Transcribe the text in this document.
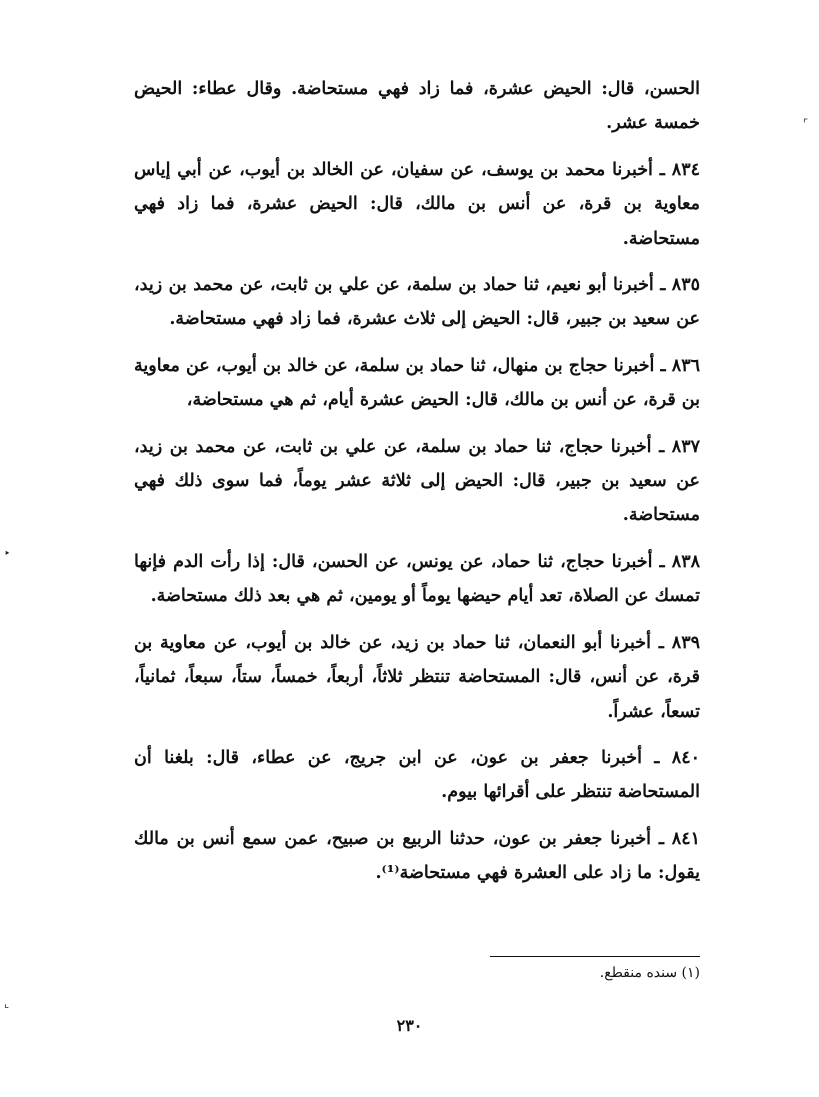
الحسن، قال: الحيض عشرة، فما زاد فهي مستحاضة. وقال عطاء: الحيض خمسة عشر.

٨٣٤ ـ أخبرنا محمد بن يوسف، عن سفيان، عن الخالد بن أيوب، عن أبي إياس معاوية بن قرة، عن أنس بن مالك، قال: الحيض عشرة، فما زاد فهي مستحاضة.

٨٣٥ ـ أخبرنا أبو نعيم، ثنا حماد بن سلمة، عن علي بن ثابت، عن محمد بن زيد، عن سعيد بن جبير، قال: الحيض إلى ثلاث عشرة، فما زاد فهي مستحاضة.

٨٣٦ ـ أخبرنا حجاج بن منهال، ثنا حماد بن سلمة، عن خالد بن أيوب، عن معاوية بن قرة، عن أنس بن مالك، قال: الحيض عشرة أيام، ثم هي مستحاضة،

٨٣٧ ـ أخبرنا حجاج، ثنا حماد بن سلمة، عن علي بن ثابت، عن محمد بن زيد، عن سعيد بن جبير، قال: الحيض إلى ثلاثة عشر يوماً، فما سوى ذلك فهي مستحاضة.

٨٣٨ ـ أخبرنا حجاج، ثنا حماد، عن يونس، عن الحسن، قال: إذا رأت الدم فإنها تمسك عن الصلاة، تعد أيام حيضها يوماً أو يومين، ثم هي بعد ذلك مستحاضة.

٨٣٩ ـ أخبرنا أبو النعمان، ثنا حماد بن زيد، عن خالد بن أيوب، عن معاوية بن قرة، عن أنس، قال: المستحاضة تنتظر ثلاثاً، أربعاً، خمساً، ستاً، سبعاً، ثمانياً، تسعاً، عشراً.

٨٤٠ ـ أخبرنا جعفر بن عون، عن ابن جريج، عن عطاء، قال: بلغنا أن المستحاضة تنتظر على أقرائها بيوم.

٨٤١ ـ أخبرنا جعفر بن عون، حدثنا الربيع بن صبيح، عمن سمع أنس بن مالك يقول: ما زاد على العشرة فهي مستحاضة⁽¹⁾.

(١) سنده منقطع.
٢٣٠
⌜
‣
⌞
